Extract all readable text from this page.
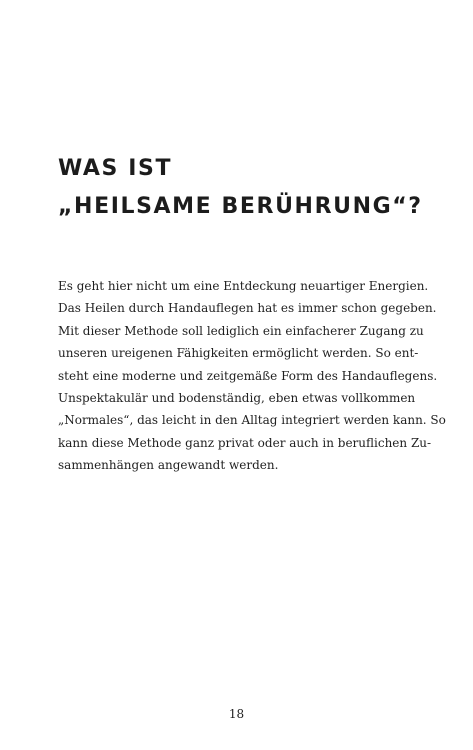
WAS IST
„HEILSAME BERÜHRUNG“?
Es geht hier nicht um eine Entdeckung neuartiger Energien.
Das Heilen durch Handauflegen hat es immer schon gegeben.
Mit dieser Methode soll lediglich ein einfacherer Zugang zu
unseren ureigenen Fähigkeiten ermöglicht werden. So ent-
steht eine moderne und zeitgemäße Form des Handauflegens.
Unspektakulär und bodenständig, eben etwas vollkommen
„Normales“, das leicht in den Alltag integriert werden kann. So
kann diese Methode ganz privat oder auch in beruflichen Zu-
sammenhängen angewandt werden.
18
